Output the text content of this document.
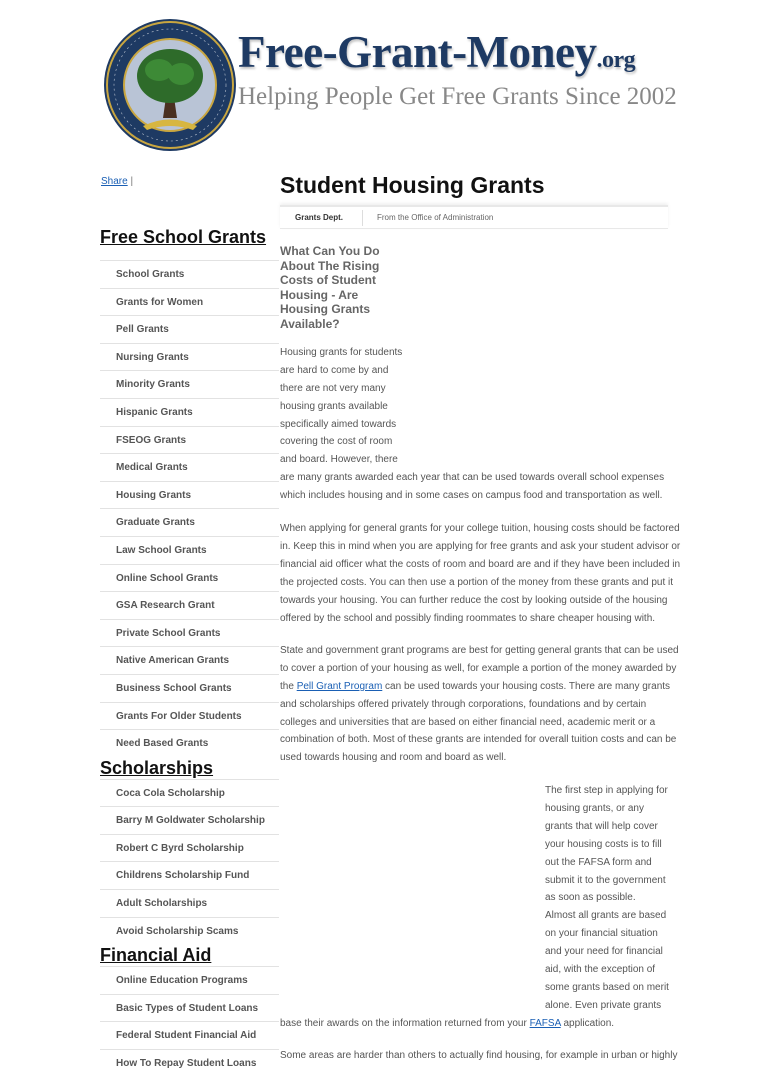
Free-Grant-Money.org
Helping People Get Free Grants Since 2002
Share |
Free School Grants
School Grants
Grants for Women
Pell Grants
Nursing Grants
Minority Grants
Hispanic Grants
FSEOG Grants
Medical Grants
Housing Grants
Graduate Grants
Law School Grants
Online School Grants
GSA Research Grant
Private School Grants
Native American Grants
Business School Grants
Grants For Older Students
Need Based Grants
Scholarships
Coca Cola Scholarship
Barry M Goldwater Scholarship
Robert C Byrd Scholarship
Childrens Scholarship Fund
Adult Scholarships
Avoid Scholarship Scams
Financial Aid
Online Education Programs
Basic Types of Student Loans
Federal Student Financial Aid
How To Repay Student Loans
Student Housing Grants
Grants Dept.	From the Office of Administration
What Can You Do About The Rising Costs of Student Housing - Are Housing Grants Available?
Housing grants for students
are hard to come by and
there are not very many
housing grants available
specifically aimed towards
covering the cost of room
and board. However, there
are many grants awarded each year that can be used towards overall school expenses
which includes housing and in some cases on campus food and transportation as well.
When applying for general grants for your college tuition, housing costs should be factored
in. Keep this in mind when you are applying for free grants and ask your student advisor or
financial aid officer what the costs of room and board are and if they have been included in
the projected costs. You can then use a portion of the money from these grants and put it
towards your housing. You can further reduce the cost by looking outside of the housing
offered by the school and possibly finding roommates to share cheaper housing with.
State and government grant programs are best for getting general grants that can be used
to cover a portion of your housing as well, for example a portion of the money awarded by
the Pell Grant Program can be used towards your housing costs. There are many grants
and scholarships offered privately through corporations, foundations and by certain
colleges and universities that are based on either financial need, academic merit or a
combination of both. Most of these grants are intended for overall tuition costs and can be
used towards housing and room and board as well.
The first step in applying for
housing grants, or any
grants that will help cover
your housing costs is to fill
out the FAFSA form and
submit it to the government
as soon as possible.
Almost all grants are based
on your financial situation
and your need for financial
aid, with the exception of
some grants based on merit
alone. Even private grants
base their awards on the information returned from your FAFSA application.
Some areas are harder than others to actually find housing, for example in urban or highly
